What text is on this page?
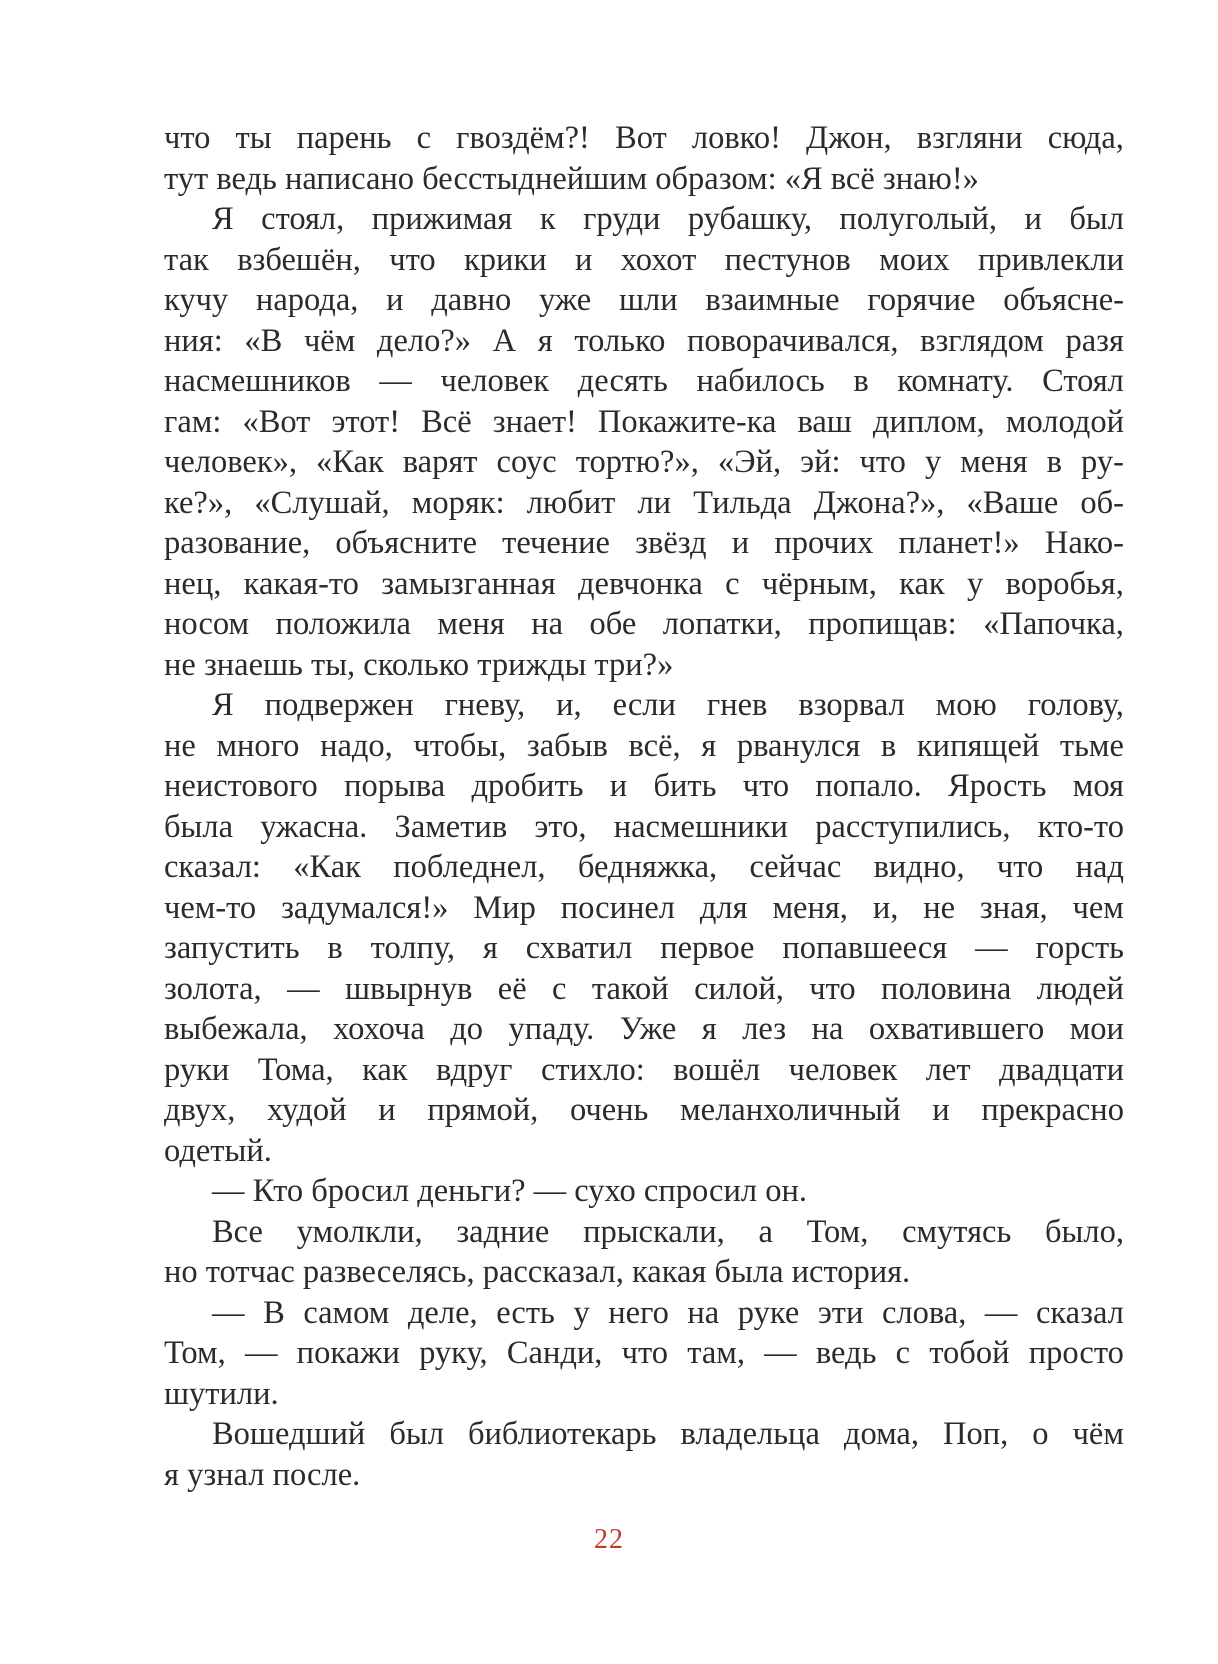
что ты парень с гвоздём?! Вот ловко! Джон, взгляни сюда,
тут ведь написано бесстыднейшим образом: «Я всё знаю!»
Я стоял, прижимая к груди рубашку, полуголый, и был
так взбешён, что крики и хохот пестунов моих привлекли
кучу народа, и давно уже шли взаимные горячие объясне-
ния: «В чём дело?» А я только поворачивался, взглядом разя
насмешников — человек десять набилось в комнату. Стоял
гам: «Вот этот! Всё знает! Покажите-ка ваш диплом, молодой
человек», «Как варят соус тортю?», «Эй, эй: что у меня в ру-
ке?», «Слушай, моряк: любит ли Тильда Джона?», «Ваше об-
разование, объясните течение звёзд и прочих планет!» Нако-
нец, какая-то замызганная девчонка с чёрным, как у воробья,
носом положила меня на обе лопатки, пропищав: «Папочка,
не знаешь ты, сколько трижды три?»
Я подвержен гневу, и, если гнев взорвал мою голову,
не много надо, чтобы, забыв всё, я рванулся в кипящей тьме
неистового порыва дробить и бить что попало. Ярость моя
была ужасна. Заметив это, насмешники расступились, кто-то
сказал: «Как побледнел, бедняжка, сейчас видно, что над
чем-то задумался!» Мир посинел для меня, и, не зная, чем
запустить в толпу, я схватил первое попавшееся — горсть
золота, — швырнув её с такой силой, что половина людей
выбежала, хохоча до упаду. Уже я лез на охватившего мои
руки Тома, как вдруг стихло: вошёл человек лет двадцати
двух, худой и прямой, очень меланхоличный и прекрасно
одетый.
— Кто бросил деньги? — сухо спросил он.
Все умолкли, задние прыскали, а Том, смутясь было,
но тотчас развеселясь, рассказал, какая была история.
— В самом деле, есть у него на руке эти слова, — сказал
Том, — покажи руку, Санди, что там, — ведь с тобой просто
шутили.
Вошедший был библиотекарь владельца дома, Поп, о чём
я узнал после.
22
